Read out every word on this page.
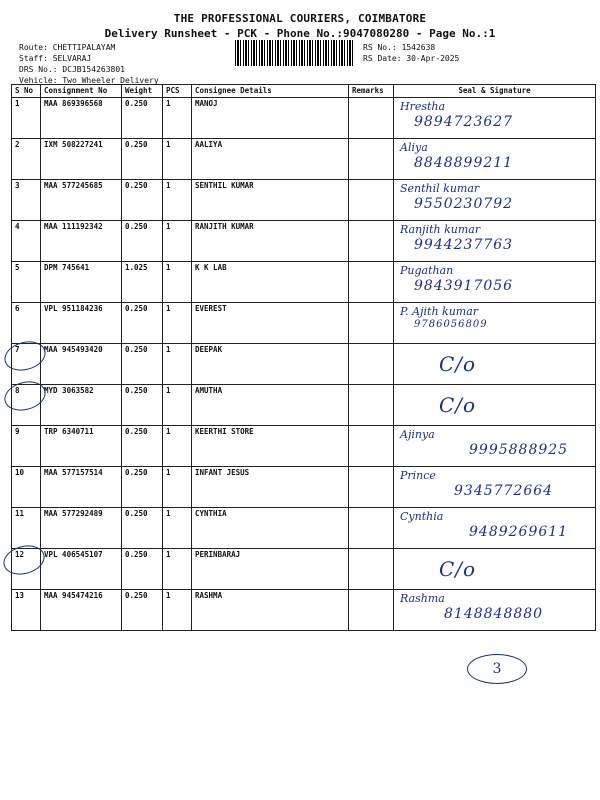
THE PROFESSIONAL COURIERS, COIMBATORE
Delivery Runsheet - PCK - Phone No.:9047080280 - Page No.:1
Route: CHETTIPALAYAM
Staff: SELVARAJ
DRS No.: DCJB154263801
Vehicle: Two Wheeler Delivery
RS No.: 1542638
RS Date: 30-Apr-2025
S No	Consignment No	Weight	PCS	Consignee Details	Remarks	Seal & Signature
1	MAA 869396568	0.250	1	MANOJ		Hrestha
9894723627

2	IXM 508227241	0.250	1	AALIYA		Aliya
8848899211

3	MAA 577245685	0.250	1	SENTHIL KUMAR		Senthil kumar
9550230792

4	MAA 111192342	0.250	1	RANJITH KUMAR		Ranjith kumar
9944237763

5	DPM 745641	1.025	1	K K LAB		Pugathan
9843917056

6	VPL 951184236	0.250	1	EVEREST		P. Ajith kumar
9786056809

7	MAA 945493420	0.250	1	DEEPAK		C/o

8	MYD 3063582	0.250	1	AMUTHA		C/o

9	TRP 6340711	0.250	1	KEERTHI STORE		Ajinya
9995888925

10	MAA 577157514	0.250	1	INFANT JESUS		Prince
9345772664

11	MAA 577292489	0.250	1	CYNTHIA		Cynthia
9489269611

12	VPL 406545107	0.250	1	PERINBARAJ		C/o

13	MAA 945474216	0.250	1	RASHMA		Rashma
8148848880
3
